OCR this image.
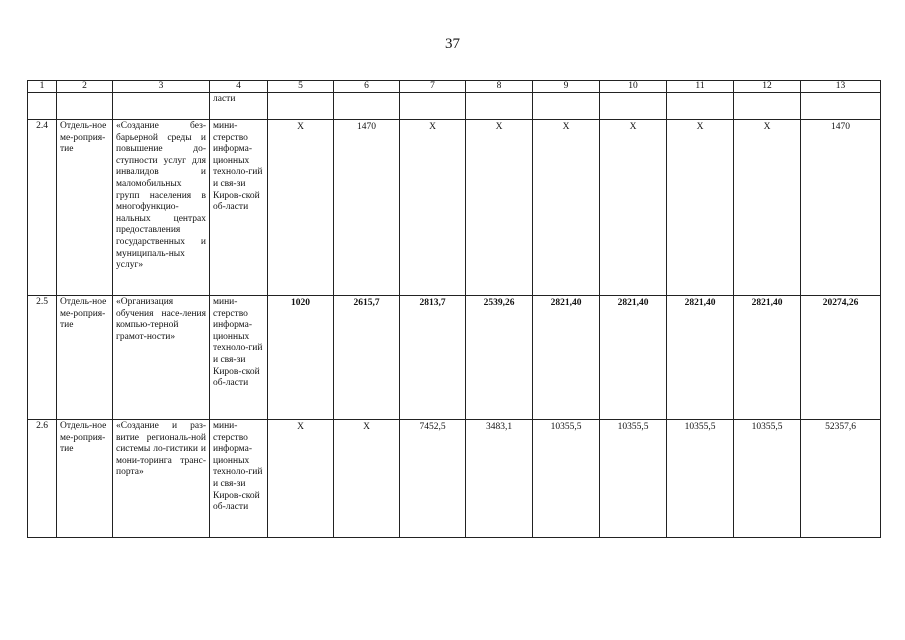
37
1	2	3	4	5	6	7	8	9	10	11	12	13
			ласти									
2.4	Отдель-ное ме-роприя-тие	«Создание без-барьерной среды и повышение до-ступности услуг для инвалидов и маломобильных групп населения в многофункцио-нальных центрах предоставления государственных и муниципаль-ных услуг»	мини-стерство информа-ционных техноло-гий и свя-зи Киров-ской об-ласти	Х	1470	Х	Х	Х	Х	Х	Х	1470
2.5	Отдель-ное ме-роприя-тие	«Организация обучения насе-ления компью-терной грамот-ности»	мини-стерство информа-ционных техноло-гий и свя-зи Киров-ской об-ласти	1020	2615,7	2813,7	2539,26	2821,40	2821,40	2821,40	2821,40	20274,26
2.6	Отдель-ное ме-роприя-тие	«Создание и раз-витие региональ-ной системы ло-гистики и мони-торинга транс-порта»	мини-стерство информа-ционных техноло-гий и свя-зи Киров-ской об-ласти	Х	Х	7452,5	3483,1	10355,5	10355,5	10355,5	10355,5	52357,6
